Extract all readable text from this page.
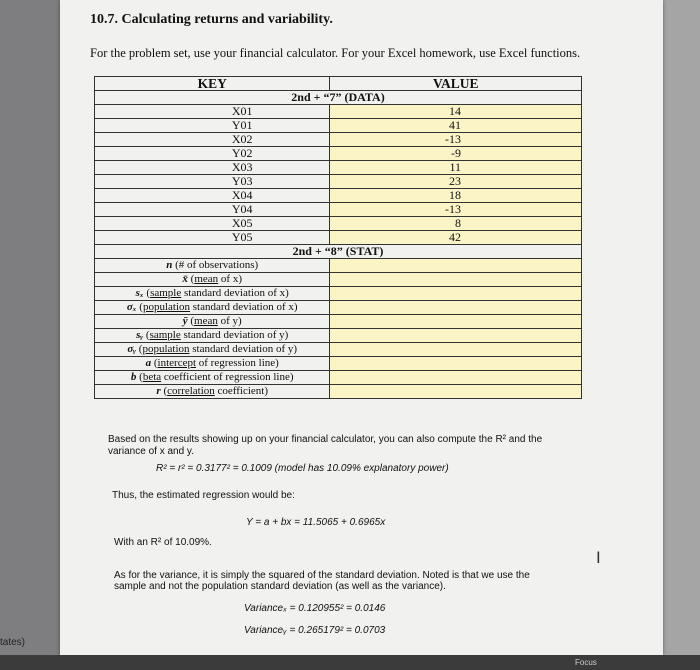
tates)
10.7. Calculating returns and variability.
For the problem set, use your financial calculator. For your Excel homework, use Excel functions.
KEY	VALUE
2nd + “7” (DATA)	
X01	14
Y01	41
X02	-13
Y02	-9
X03	11
Y03	23
X04	18
Y04	-13
X05	8
Y05	42
2nd + “8” (STAT)	
n (# of observations)	
x̄ (mean of x)	
sₓ (sample standard deviation of x)	
σₓ (population standard deviation of x)	
ȳ (mean of y)	
sᵧ (sample standard deviation of y)	
σᵧ (population standard deviation of y)	
a (intercept of regression line)	
b (beta coefficient of regression line)	
r (correlation coefficient)	
Based on the results showing up on your financial calculator, you can also compute the R² and the variance of x and y.
R² = r² = 0.3177² = 0.1009 (model has 10.09% explanatory power)
Thus, the estimated regression would be:
Y = a + bx = 11.5065 + 0.6965x
With an R² of 10.09%.
As for the variance, it is simply the squared of the standard deviation. Noted is that we use the sample and not the population standard deviation (as well as the variance).
Varianceₓ = 0.120955² = 0.0146
Varianceᵧ = 0.265179² = 0.0703
I
Focus
